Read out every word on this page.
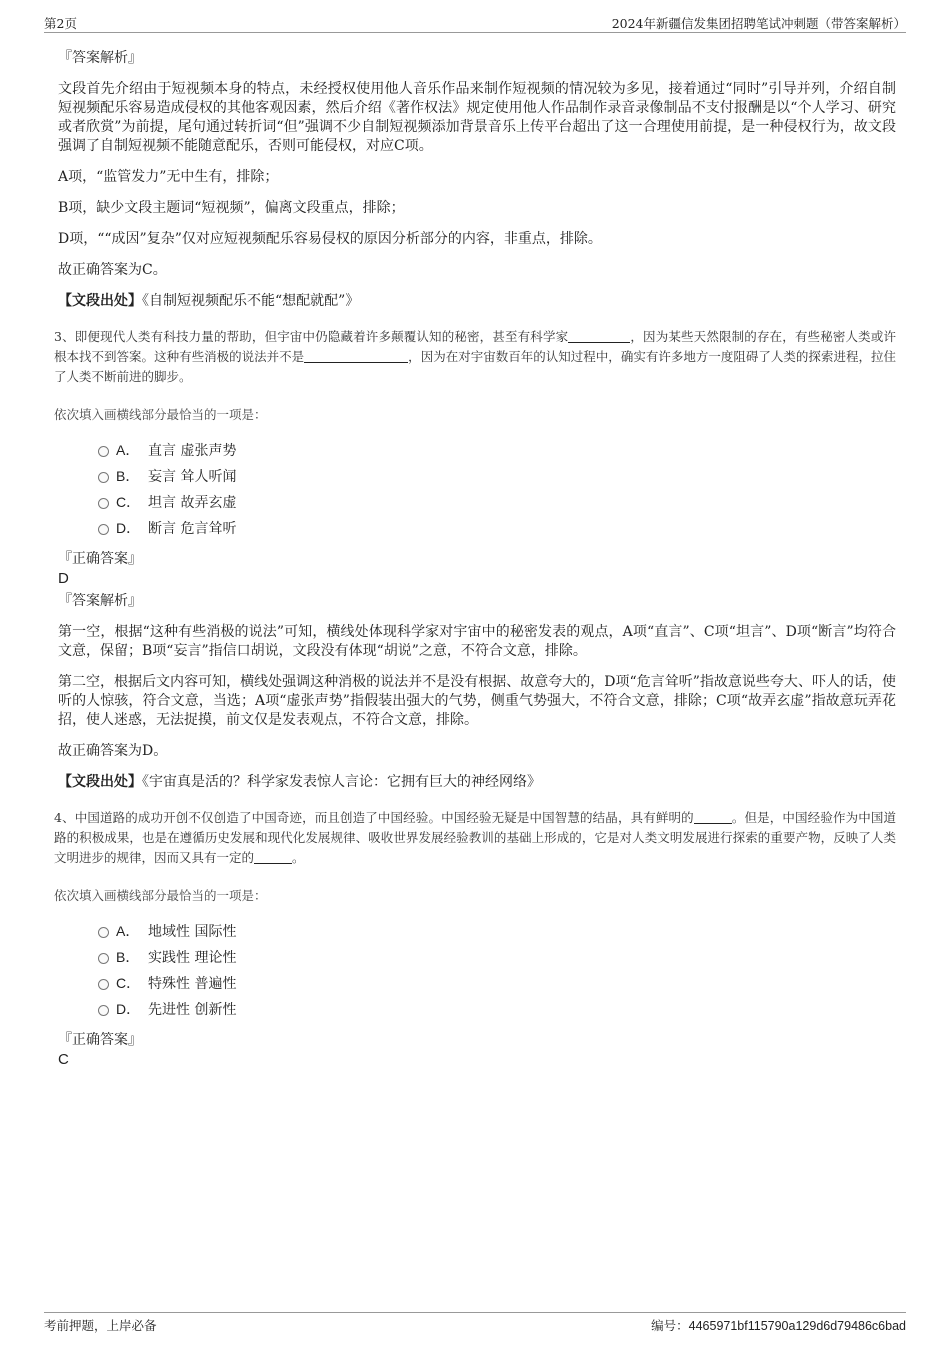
第2页	2024年新疆信发集团招聘笔试冲刺题（带答案解析）
『答案解析』

文段首先介绍由于短视频本身的特点，未经授权使用他人音乐作品来制作短视频的情况较为多见，接着通过“同时”引导并列，介绍自制短视频配乐容易造成侵权的其他客观因素，然后介绍《著作权法》规定使用他人作品制作录音录像制品不支付报酬是以“个人学习、研究或者欣赏”为前提，尾句通过转折词“但”强调不少自制短视频添加背景音乐上传平台超出了这一合理使用前提，是一种侵权行为，故文段强调了自制短视频不能随意配乐，否则可能侵权，对应C项。

A项，“监管发力”无中生有，排除；

B项，缺少文段主题词“短视频”，偏离文段重点，排除；

D项，““成因”复杂”仅对应短视频配乐容易侵权的原因分析部分的内容，非重点，排除。

故正确答案为C。

【文段出处】《自制短视频配乐不能“想配就配”》

3、即便现代人类有科技力量的帮助，但宇宙中仍隐藏着许多颠覆认知的秘密，甚至有科学家	，因为某些天然限制的存在，有些秘密人类或许根本找不到答案。这种有些消极的说法并不是	，因为在对宇宙数百年的认知过程中，确实有许多地方一度阻碍了人类的探索进程，拉住了人类不断前进的脚步。

依次填入画横线部分最恰当的一项是：

A． 直言 虚张声势
B． 妄言 耸人听闻
C． 坦言 故弄玄虚
D． 断言 危言耸听
『正确答案』

D

『答案解析』

第一空，根据“这种有些消极的说法”可知，横线处体现科学家对宇宙中的秘密发表的观点，A项“直言”、C项“坦言”、D项“断言”均符合文意，保留；B项“妄言”指信口胡说，文段没有体现“胡说”之意，不符合文意，排除。

第二空，根据后文内容可知，横线处强调这种消极的说法并不是没有根据、故意夸大的，D项“危言耸听”指故意说些夸大、吓人的话，使听的人惊骇，符合文意，当选；A项“虚张声势”指假装出强大的气势，侧重气势强大，不符合文意，排除；C项“故弄玄虚”指故意玩弄花招，使人迷惑，无法捉摸，前文仅是发表观点，不符合文意，排除。

故正确答案为D。

【文段出处】《宇宙真是活的？科学家发表惊人言论：它拥有巨大的神经网络》

4、中国道路的成功开创不仅创造了中国奇迹，而且创造了中国经验。中国经验无疑是中国智慧的结晶，具有鲜明的	。但是，中国经验作为中国道路的积极成果，也是在遵循历史发展和现代化发展规律、吸收世界发展经验教训的基础上形成的，它是对人类文明发展进行探索的重要产物，反映了人类文明进步的规律，因而又具有一定的	。

依次填入画横线部分最恰当的一项是：

A． 地域性 国际性
B． 实践性 理论性
C． 特殊性 普遍性
D． 先进性 创新性
『正确答案』

C

考前押题，上岸必备	编号：4465971bf115790a129d6d79486c6bad
